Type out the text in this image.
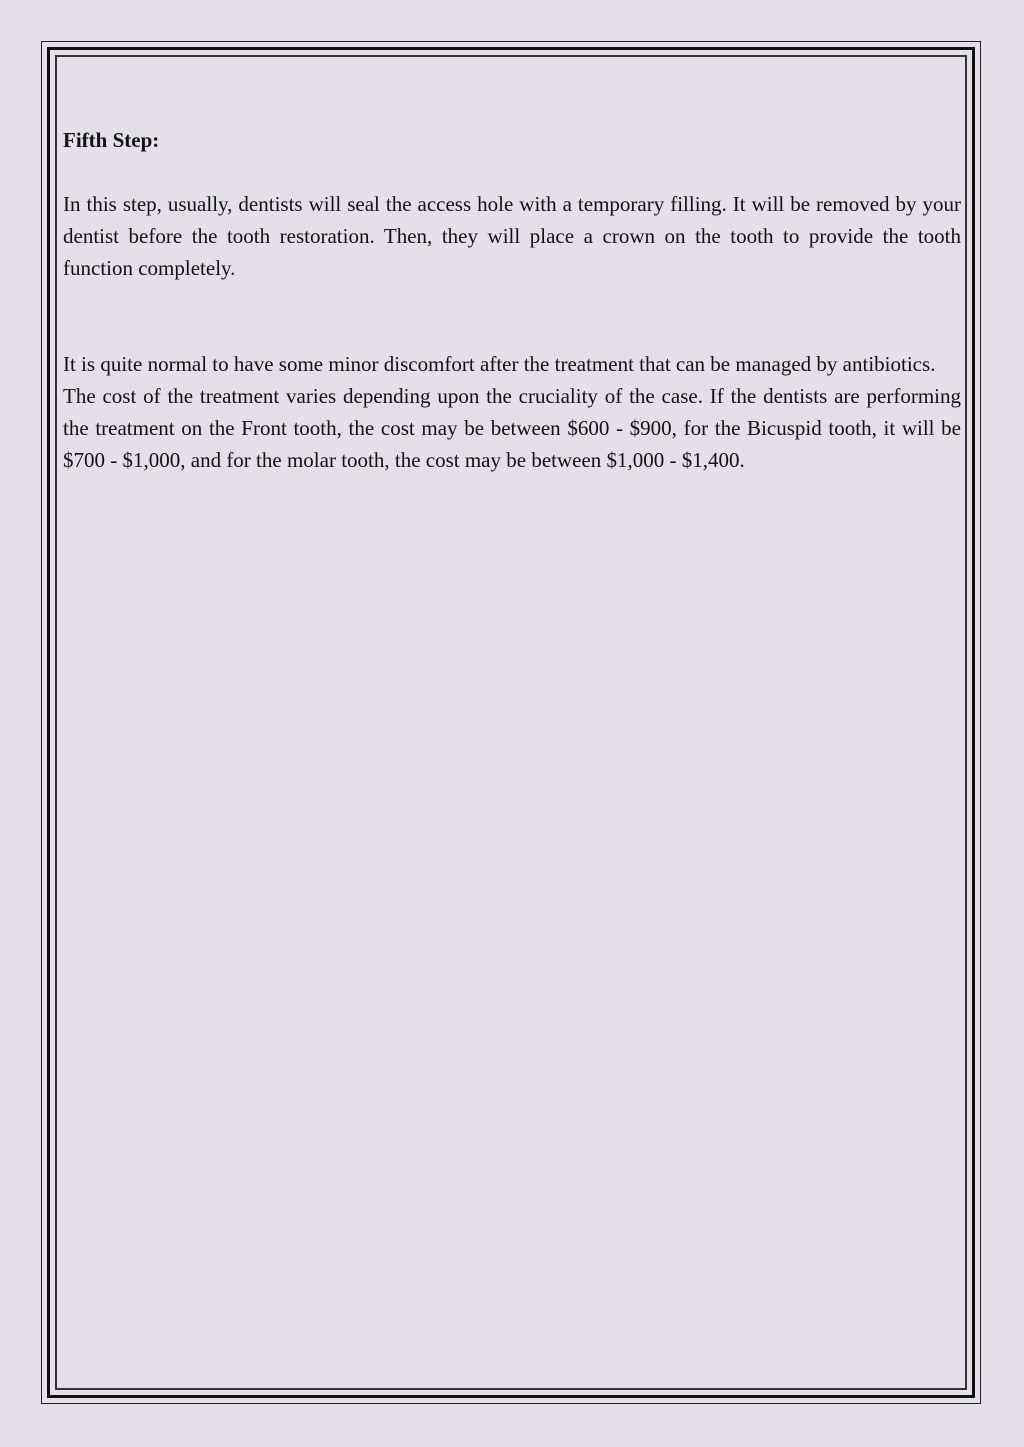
Fifth Step:

In this step, usually, dentists will seal the access hole with a temporary filling. It will be removed by your dentist before the tooth restoration. Then, they will place a crown on the tooth to provide the tooth function completely.

It is quite normal to have some minor discomfort after the treatment that can be managed by antibiotics.

The cost of the treatment varies depending upon the cruciality of the case. If the dentists are performing the treatment on the Front tooth, the cost may be between $600 - $900, for the Bicuspid tooth, it will be $700 - $1,000, and for the molar tooth, the cost may be between $1,000 - $1,400.
